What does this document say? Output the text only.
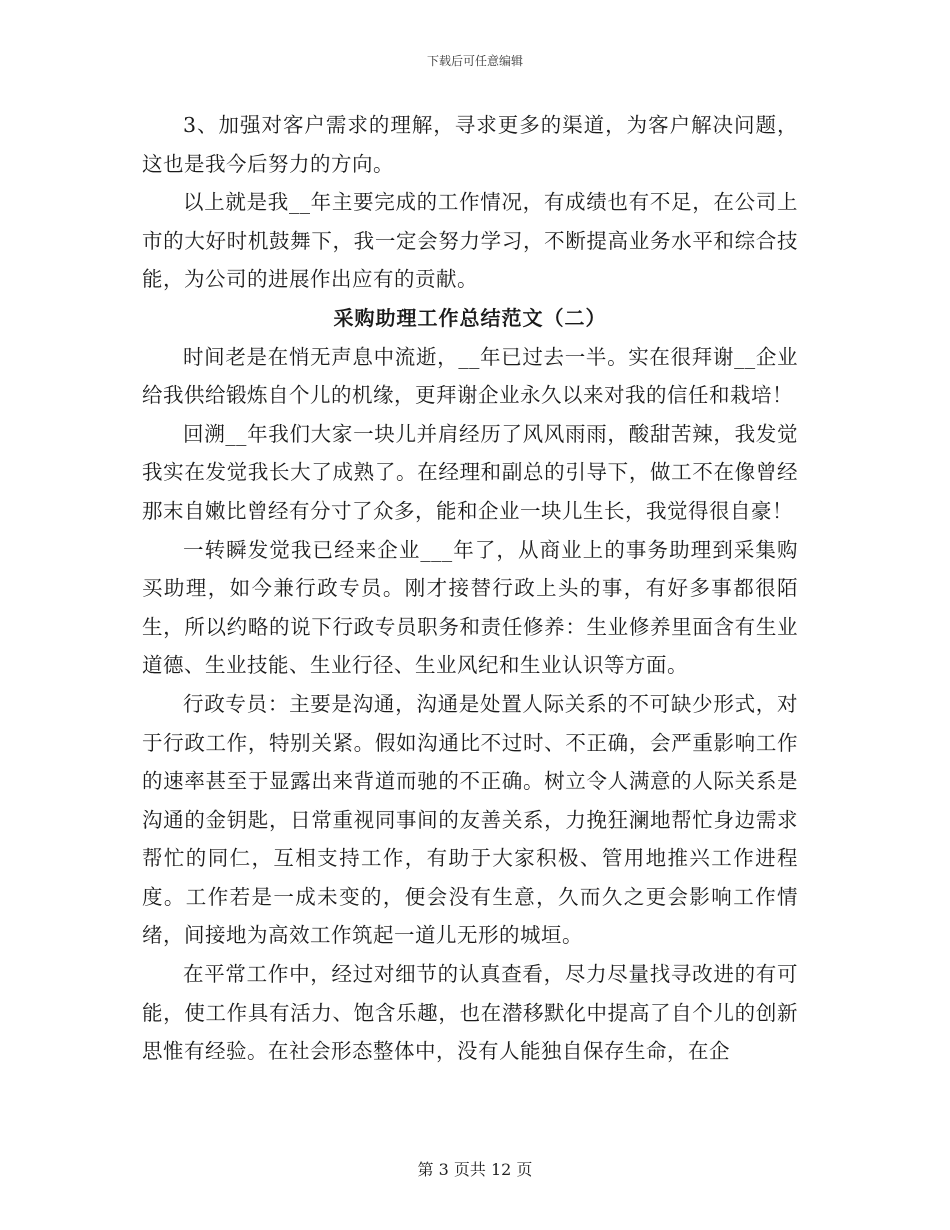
下载后可任意编辑

3、加强对客户需求的理解，寻求更多的渠道，为客户解决问题，这也是我今后努力的方向。

以上就是我__年主要完成的工作情况，有成绩也有不足，在公司上市的大好时机鼓舞下，我一定会努力学习，不断提高业务水平和综合技能，为公司的进展作出应有的贡献。

采购助理工作总结范文（二）

时间老是在悄无声息中流逝，__年已过去一半。实在很拜谢__企业给我供给锻炼自个儿的机缘，更拜谢企业永久以来对我的信任和栽培！

回溯__年我们大家一块儿并肩经历了风风雨雨，酸甜苦辣，我发觉我实在发觉我长大了成熟了。在经理和副总的引导下，做工不在像曾经那末自嫩比曾经有分寸了众多，能和企业一块儿生长，我觉得很自豪！

一转瞬发觉我已经来企业___年了，从商业上的事务助理到采集购买助理，如今兼行政专员。刚才接替行政上头的事，有好多事都很陌生，所以约略的说下行政专员职务和责任修养：生业修养里面含有生业道德、生业技能、生业行径、生业风纪和生业认识等方面。

行政专员：主要是沟通，沟通是处置人际关系的不可缺少形式，对于行政工作，特别关紧。假如沟通比不过时、不正确，会严重影响工作的速率甚至于显露出来背道而驰的不正确。树立令人满意的人际关系是沟通的金钥匙，日常重视同事间的友善关系，力挽狂澜地帮忙身边需求帮忙的同仁，互相支持工作，有助于大家积极、管用地推兴工作进程度。工作若是一成未变的，便会没有生意，久而久之更会影响工作情绪，间接地为高效工作筑起一道儿无形的城垣。

在平常工作中，经过对细节的认真查看，尽力尽量找寻改进的有可能，使工作具有活力、饱含乐趣，也在潜移默化中提高了自个儿的创新思惟有经验。在社会形态整体中，没有人能独自保存生命，在企

第 3 页共 12 页
